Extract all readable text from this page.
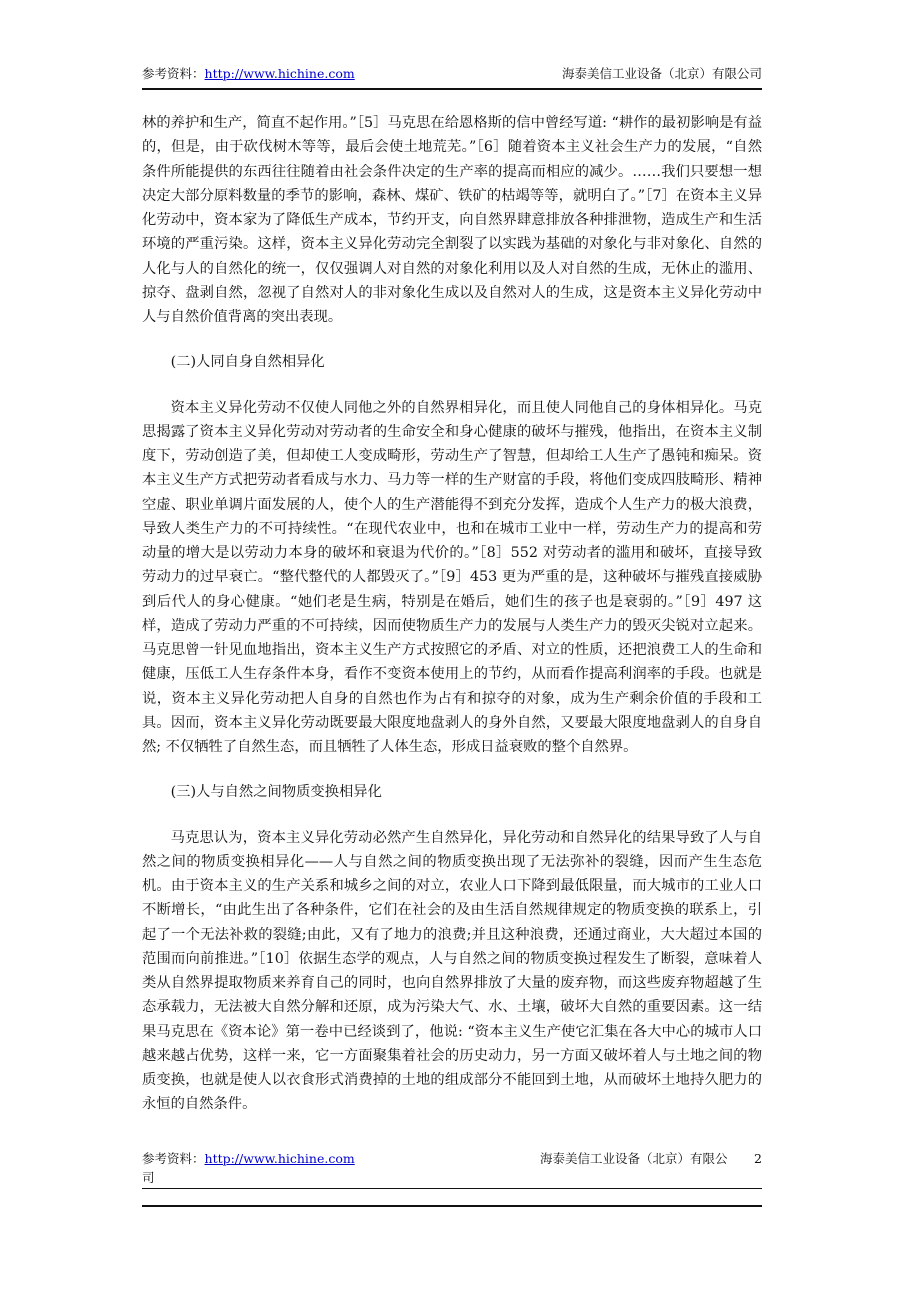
参考资料：http://www.hichine.com	海泰美信工业设备（北京）有限公司

林的养护和生产，简直不起作用。”［5］马克思在给恩格斯的信中曾经写道: “耕作的最初影响是有益的，但是，由于砍伐树木等等，最后会使土地荒芜。”［6］随着资本主义社会生产力的发展，“自然条件所能提供的东西往往随着由社会条件决定的生产率的提高而相应的减少。……我们只要想一想决定大部分原料数量的季节的影响，森林、煤矿、铁矿的枯竭等等，就明白了。”［7］在资本主义异化劳动中，资本家为了降低生产成本，节约开支，向自然界肆意排放各种排泄物，造成生产和生活环境的严重污染。这样，资本主义异化劳动完全割裂了以实践为基础的对象化与非对象化、自然的人化与人的自然化的统一，仅仅强调人对自然的对象化利用以及人对自然的生成，无休止的滥用、掠夺、盘剥自然，忽视了自然对人的非对象化生成以及自然对人的生成，这是资本主义异化劳动中人与自然价值背离的突出表现。

(二)人同自身自然相异化

资本主义异化劳动不仅使人同他之外的自然界相异化，而且使人同他自己的身体相异化。马克思揭露了资本主义异化劳动对劳动者的生命安全和身心健康的破坏与摧残，他指出，在资本主义制度下，劳动创造了美，但却使工人变成畸形，劳动生产了智慧，但却给工人生产了愚钝和痴呆。资本主义生产方式把劳动者看成与水力、马力等一样的生产财富的手段，将他们变成四肢畸形、精神空虚、职业单调片面发展的人，使个人的生产潜能得不到充分发挥，造成个人生产力的极大浪费，导致人类生产力的不可持续性。“在现代农业中，也和在城市工业中一样，劳动生产力的提高和劳动量的增大是以劳动力本身的破坏和衰退为代价的。”［8］552 对劳动者的滥用和破坏，直接导致劳动力的过早衰亡。“整代整代的人都毁灭了。”［9］453 更为严重的是，这种破坏与摧残直接威胁到后代人的身心健康。“她们老是生病，特别是在婚后，她们生的孩子也是衰弱的。”［9］497 这样，造成了劳动力严重的不可持续，因而使物质生产力的发展与人类生产力的毁灭尖锐对立起来。马克思曾一针见血地指出，资本主义生产方式按照它的矛盾、对立的性质，还把浪费工人的生命和健康，压低工人生存条件本身，看作不变资本使用上的节约，从而看作提高利润率的手段。也就是说，资本主义异化劳动把人自身的自然也作为占有和掠夺的对象，成为生产剩余价值的手段和工具。因而，资本主义异化劳动既要最大限度地盘剥人的身外自然，又要最大限度地盘剥人的自身自然; 不仅牺牲了自然生态，而且牺牲了人体生态，形成日益衰败的整个自然界。

(三)人与自然之间物质变换相异化

马克思认为，资本主义异化劳动必然产生自然异化，异化劳动和自然异化的结果导致了人与自然之间的物质变换相异化——人与自然之间的物质变换出现了无法弥补的裂缝，因而产生生态危机。由于资本主义的生产关系和城乡之间的对立，农业人口下降到最低限量，而大城市的工业人口不断增长，“由此生出了各种条件，它们在社会的及由生活自然规律规定的物质变换的联系上，引起了一个无法补救的裂缝;由此，又有了地力的浪费;并且这种浪费，还通过商业，大大超过本国的范围而向前推进。”［10］依据生态学的观点，人与自然之间的物质变换过程发生了断裂，意味着人类从自然界提取物质来养育自己的同时，也向自然界排放了大量的废弃物，而这些废弃物超越了生态承载力，无法被大自然分解和还原，成为污染大气、水、土壤，破坏大自然的重要因素。这一结果马克思在《资本论》第一卷中已经谈到了，他说: “资本主义生产使它汇集在各大中心的城市人口越来越占优势，这样一来，它一方面聚集着社会的历史动力，另一方面又破坏着人与土地之间的物质变换，也就是使人以衣食形式消费掉的土地的组成部分不能回到土地，从而破坏土地持久肥力的永恒的自然条件。

参考资料：http://www.hichine.com	海泰美信工业设备（北京）有限公 2
司
